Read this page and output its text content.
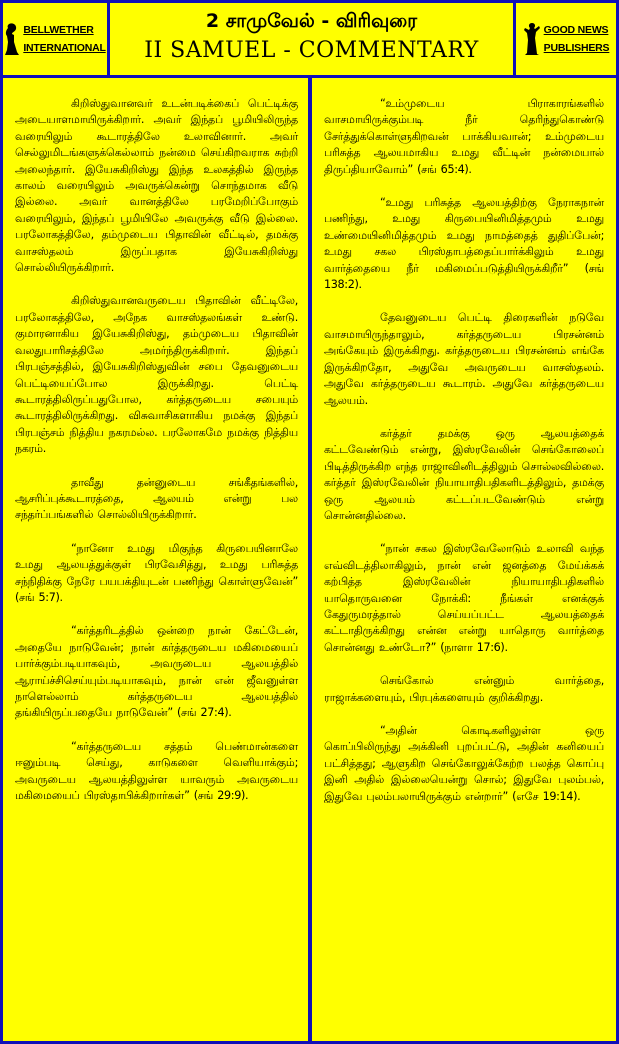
BELLWETHER
INTERNATIONAL
2 சாமுவேல் - விரிவுரை
II SAMUEL - COMMENTARY
GOOD NEWS
PUBLISHERS

கிறிஸ்துவானவர் உடன்படிக்கைப் பெட்டிக்கு அடையாளமாயிருக்கிறார். அவர் இந்தப் பூமியிலிருந்த வரையிலும் கூடாரத்திலே உலாவினார். அவர் செல்லுமிடங்களுக்கெல்லாம் நன்மை செய்கிறவராக சுற்றி அலைந்தார். இயேசுகிறிஸ்து இந்த உலகத்தில் இருந்த காலம் வரையிலும் அவருக்கென்று சொந்தமாக வீடு இல்லை. அவர் வானத்திலே பரமேறிப்போகும் வரையிலும், இந்தப் பூமியிலே அவருக்கு வீடு இல்லை. பரலோகத்திலே, தம்முடைய பிதாவின் வீட்டில், தமக்கு வாசஸ்தலம் இருப்பதாக இயேசுகிறிஸ்து சொல்லியிருக்கிறார்.

கிறிஸ்துவானவருடைய பிதாவின் வீட்டிலே, பரலோகத்திலே, அநேக வாசஸ்தலங்கள் உண்டு. குமாரனாகிய இயேசுகிறிஸ்து, தம்முடைய பிதாவின் வலதுபாரிசத்திலே அமர்ந்திருக்கிறார். இந்தப் பிரபஞ்சத்தில், இயேசுகிறிஸ்துவின் சபை தேவனுடைய பெட்டியைப்போல இருக்கிறது. பெட்டி கூடாரத்திலிருப்பதுபோல, கர்த்தருடைய சபையும் கூடாரத்திலிருக்கிறது. விசுவாசிகளாகிய நமக்கு இந்தப் பிரபஞ்சம் நித்திய நகரமல்ல. பரலோகமே நமக்கு நித்திய நகரம்.

தாவீது தன்னுடைய சங்கீதங்களில், ஆசரிப்புக்கூடாரத்தை, ஆலயம் என்று பல சந்தர்ப்பங்களில் சொல்லியிருக்கிறார்.

“நானோ உமது மிகுந்த கிருபையினாலே உமது ஆலயத்துக்குள் பிரவேசித்து, உமது பரிசுத்த சந்நிதிக்கு நேரே பயபக்தியுடன் பணிந்து கொள்ளுவேன்” (சங் 5:7).

“கர்த்தரிடத்தில் ஒன்றை நான் கேட்டேன், அதையே நாடுவேன்; நான் கர்த்தருடைய மகிமையைப் பார்க்கும்படியாகவும், அவருடைய ஆலயத்தில் ஆராய்ச்சிசெய்யும்படியாகவும், நான் என் ஜீவனுள்ள நாளெல்லாம் கர்த்தருடைய ஆலயத்தில் தங்கியிருப்பதையே நாடுவேன்” (சங் 27:4).

“கர்த்தருடைய சத்தம் பெண்மான்களை ஈனும்படி செய்து, காடுகளை வெளியாக்கும்; அவருடைய ஆலயத்திலுள்ள யாவரும் அவருடைய மகிமையைப் பிரஸ்தாபிக்கிறார்கள்” (சங் 29:9).

“உம்முடைய பிராகாரங்களில் வாசமாயிருக்கும்படி நீர் தெரிந்துகொண்டு சேர்த்துக்கொள்ளுகிறவன் பாக்கியவான்; உம்முடைய பரிசுத்த ஆலயமாகிய உமது வீட்டின் நன்மையால் திருப்தியாவோம்” (சங் 65:4).

“உமது பரிசுத்த ஆலயத்திற்கு நேராகநான் பணிந்து, உமது கிருபையினிமித்தமும் உமது உண்மையினிமித்தமும் உமது நாமத்தைத் துதிப்பேன்; உமது சகல பிரஸ்தாபத்தைப்பார்க்கிலும் உமது வார்த்தையை நீர் மகிமைப்படுத்தியிருக்கிறீர்” (சங் 138:2).

தேவனுடைய பெட்டி திரைகளின் நடுவே வாசமாயிருந்தாலும், கர்த்தருடைய பிரசன்னம் அங்கேயும் இருக்கிறது. கர்த்தருடைய பிரசன்னம் எங்கே இருக்கிறதோ, அதுவே அவருடைய வாசஸ்தலம். அதுவே கர்த்தருடைய கூடாரம். அதுவே கர்த்தருடைய ஆலயம்.

கர்த்தர் தமக்கு ஒரு ஆலயத்தைக் கட்டவேண்டும் என்று, இஸ்ரவேலின் செங்கோலைப் பிடித்திருக்கிற எந்த ராஜாவினிடத்திலும் சொல்லவில்லை. கர்த்தர் இஸ்ரவேலின் நியாயாதிபதிகளிடத்திலும், தமக்கு ஒரு ஆலயம் கட்டப்படவேண்டும் என்று சொன்னதில்லை.

“நான் சகல இஸ்ரவேலோடும் உலாவி வந்த எவ்விடத்திலாகிலும், நான் என் ஜனத்தை மேய்க்கக் கற்பித்த இஸ்ரவேலின் நியாயாதிபதிகளில் யாதொருவனை நோக்கி: நீங்கள் எனக்குக் கேதுருமரத்தால் செய்யப்பட்ட ஆலயத்தைக் கட்டாதிருக்கிறது என்ன என்று யாதொரு வார்த்தை சொன்னது உண்டோ?” (நாளா 17:6).

செங்கோல் என்னும் வார்த்தை, ராஜாக்களையும், பிரபுக்களையும் குறிக்கிறது.

“அதின் கொடிகளிலுள்ள ஒரு கொப்பிலிருந்து அக்கினி புறப்பட்டு, அதின் கனியைப் பட்சித்தது; ஆளுகிற செங்கோலுக்கேற்ற பலத்த கொப்பு இனி அதில் இல்லையென்று சொல்; இதுவே புலம்பல், இதுவே புலம்பலாயிருக்கும் என்றார்” (எசே 19:14).
